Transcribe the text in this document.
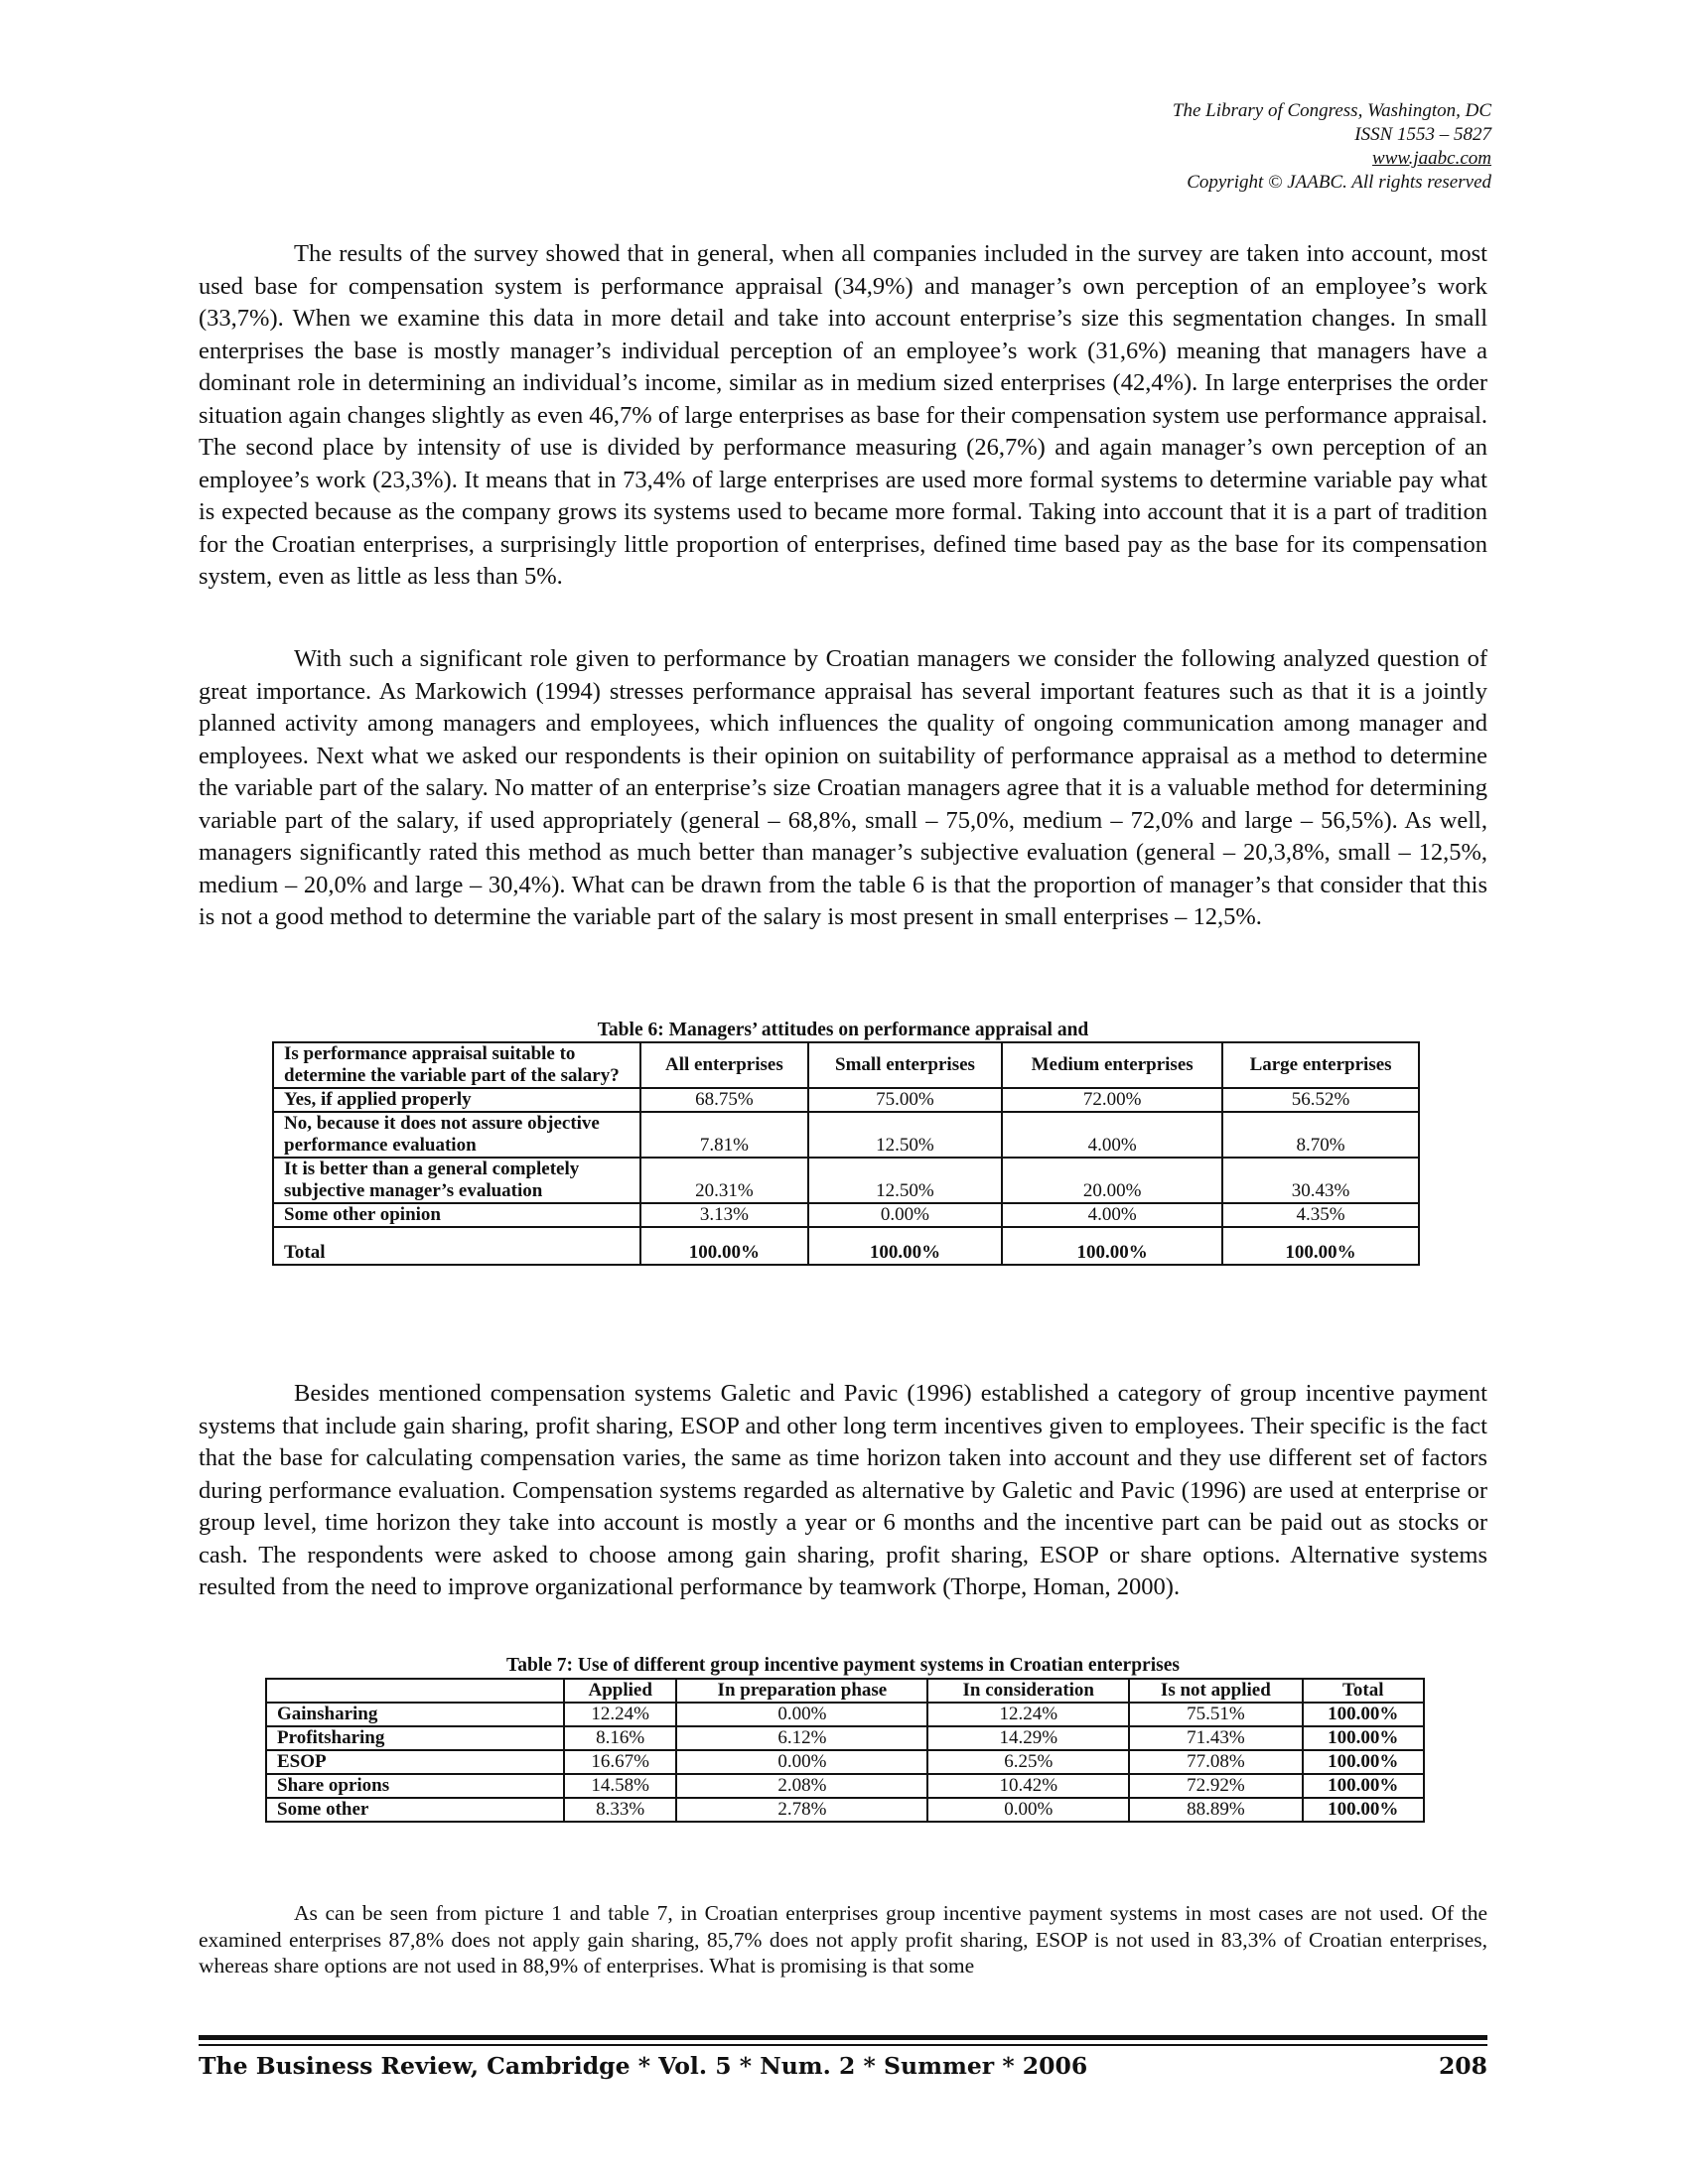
The Library of Congress, Washington, DC
ISSN 1553 – 5827
www.jaabc.com
Copyright © JAABC. All rights reserved

The results of the survey showed that in general, when all companies included in the survey are taken into account, most used base for compensation system is performance appraisal (34,9%) and manager’s own perception of an employee’s work (33,7%). When we examine this data in more detail and take into account enterprise’s size this segmentation changes. In small enterprises the base is mostly manager’s individual perception of an employee’s work (31,6%) meaning that managers have a dominant role in determining an individual’s income, similar as in medium sized enterprises (42,4%). In large enterprises the order situation again changes slightly as even 46,7% of large enterprises as base for their compensation system use performance appraisal. The second place by intensity of use is divided by performance measuring (26,7%) and again manager’s own perception of an employee’s work (23,3%). It means that in 73,4% of large enterprises are used more formal systems to determine variable pay what is expected because as the company grows its systems used to became more formal. Taking into account that it is a part of tradition for the Croatian enterprises, a surprisingly little proportion of enterprises, defined time based pay as the base for its compensation system, even as little as less than 5%.

With such a significant role given to performance by Croatian managers we consider the following analyzed question of great importance. As Markowich (1994) stresses performance appraisal has several important features such as that it is a jointly planned activity among managers and employees, which influences the quality of ongoing communication among manager and employees. Next what we asked our respondents is their opinion on suitability of performance appraisal as a method to determine the variable part of the salary. No matter of an enterprise’s size Croatian managers agree that it is a valuable method for determining variable part of the salary, if used appropriately (general – 68,8%, small – 75,0%, medium – 72,0% and large – 56,5%). As well, managers significantly rated this method as much better than manager’s subjective evaluation (general – 20,3,8%, small – 12,5%, medium – 20,0% and large – 30,4%). What can be drawn from the table 6 is that the proportion of manager’s that consider that this is not a good method to determine the variable part of the salary is most present in small enterprises – 12,5%.

Table 6: Managers’ attitudes on performance appraisal and
Is performance appraisal suitable to determine the variable part of the salary?	All enterprises	Small enterprises	Medium enterprises	Large enterprises
Yes, if applied properly	68.75%	75.00%	72.00%	56.52%
No, because it does not assure objective performance evaluation	7.81%	12.50%	4.00%	8.70%
It is better than a general completely subjective manager’s evaluation	20.31%	12.50%	20.00%	30.43%
Some other opinion	3.13%	0.00%	4.00%	4.35%
Total	100.00%	100.00%	100.00%	100.00%

Besides mentioned compensation systems Galetic and Pavic (1996) established a category of group incentive payment systems that include gain sharing, profit sharing, ESOP and other long term incentives given to employees. Their specific is the fact that the base for calculating compensation varies, the same as time horizon taken into account and they use different set of factors during performance evaluation. Compensation systems regarded as alternative by Galetic and Pavic (1996) are used at enterprise or group level, time horizon they take into account is mostly a year or 6 months and the incentive part can be paid out as stocks or cash. The respondents were asked to choose among gain sharing, profit sharing, ESOP or share options. Alternative systems resulted from the need to improve organizational performance by teamwork (Thorpe, Homan, 2000).

Table 7: Use of different group incentive payment systems in Croatian enterprises
	Applied	In preparation phase	In consideration	Is not applied	Total
Gainsharing	12.24%	0.00%	12.24%	75.51%	100.00%
Profitsharing	8.16%	6.12%	14.29%	71.43%	100.00%
ESOP	16.67%	0.00%	6.25%	77.08%	100.00%
Share oprions	14.58%	2.08%	10.42%	72.92%	100.00%
Some other	8.33%	2.78%	0.00%	88.89%	100.00%

As can be seen from picture 1 and table 7, in Croatian enterprises group incentive payment systems in most cases are not used. Of the examined enterprises 87,8% does not apply gain sharing, 85,7% does not apply profit sharing, ESOP is not used in 83,3% of Croatian enterprises, whereas share options are not used in 88,9% of enterprises. What is promising is that some

The Business Review, Cambridge * Vol. 5 * Num. 2 * Summer * 2006	208
